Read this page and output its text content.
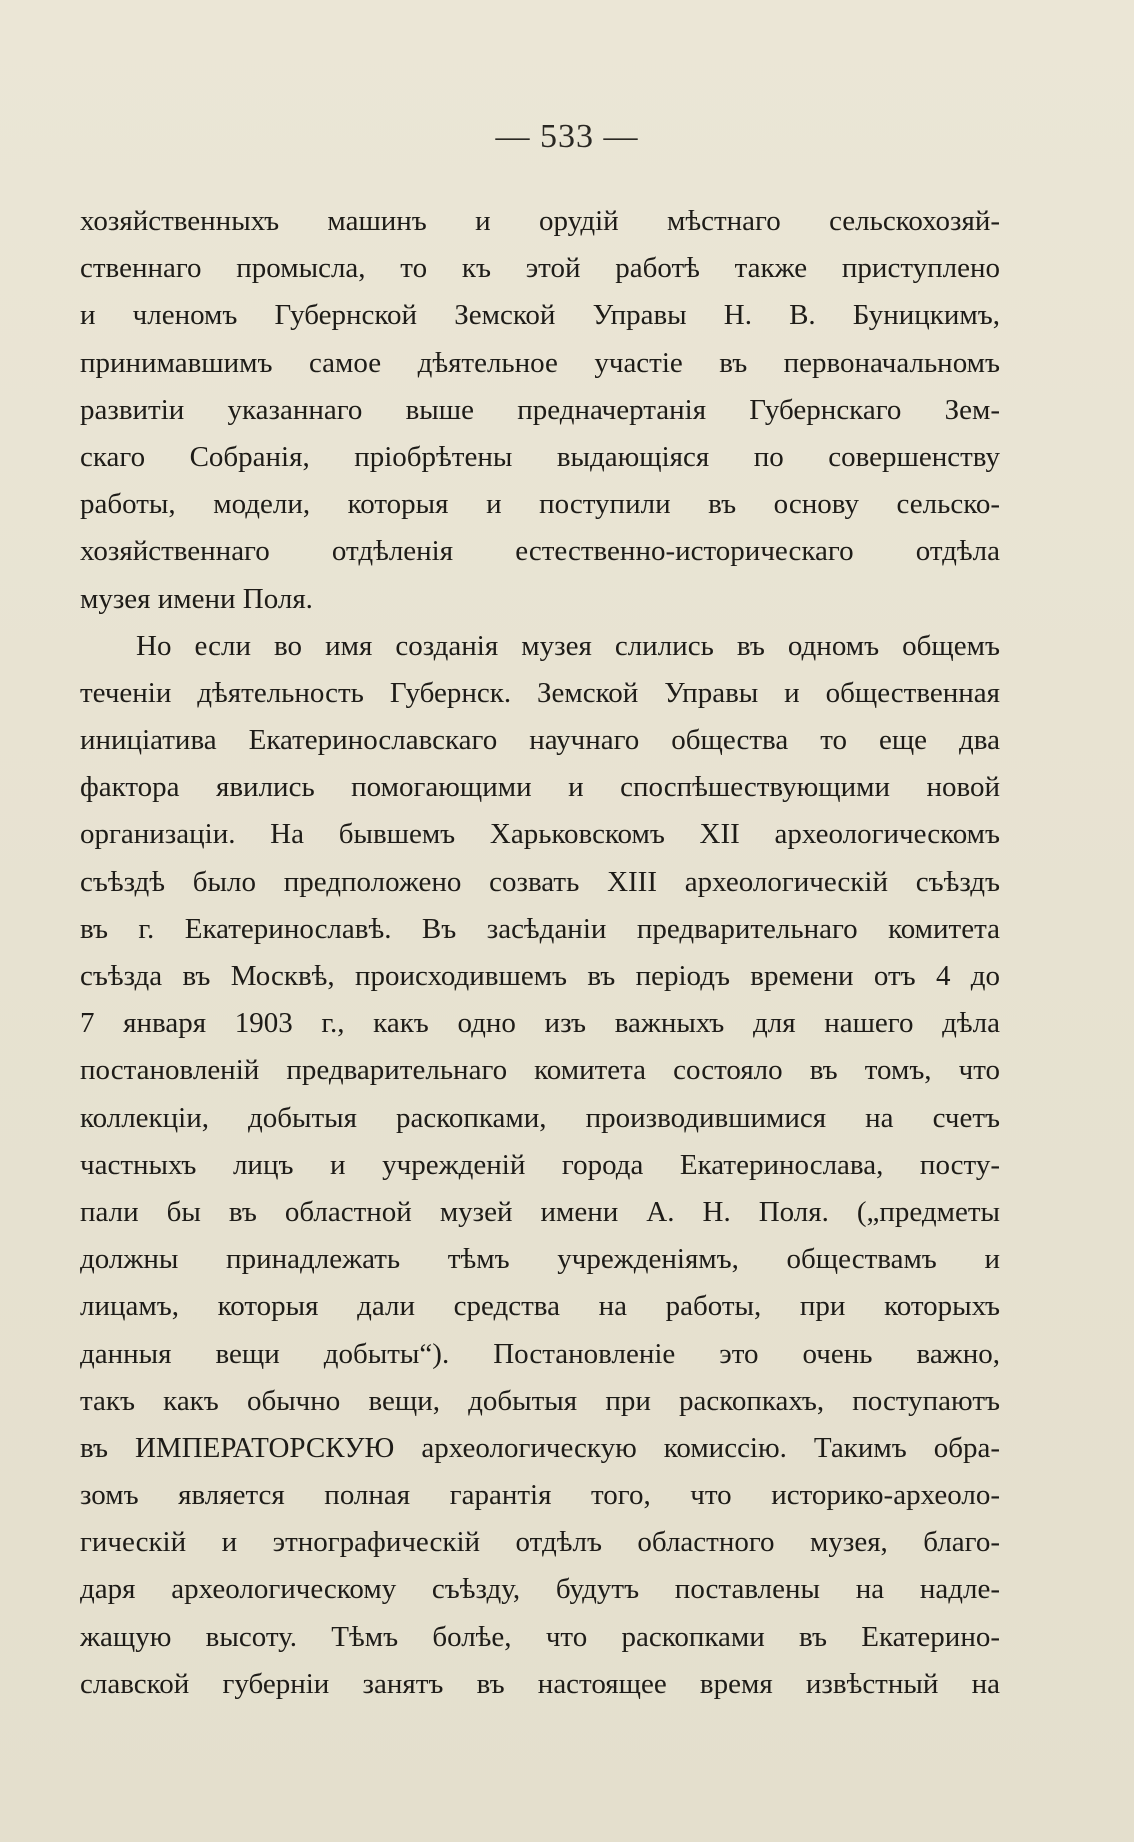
— 533 —
хозяйственныхъ машинъ и орудій мѣстнаго сельскохозяй-
ственнаго промысла, то къ этой работѣ также приступлено
и членомъ Губернской Земской Управы Н. В. Буницкимъ,
принимавшимъ самое дѣятельное участіе въ первоначальномъ
развитіи указаннаго выше предначертанія Губернскаго Зем-
скаго Собранія, пріобрѣтены выдающіяся по совершенству
работы, модели, которыя и поступили въ основу сельско-
хозяйственнаго отдѣленія естественно-историческаго отдѣла
музея имени Поля.
Но если во имя созданія музея слились въ одномъ общемъ
теченіи дѣятельность Губернск. Земской Управы и общественная
иниціатива Екатеринославскаго научнаго общества то еще два
фактора явились помогающими и споспѣшествующими новой
организаціи. На бывшемъ Харьковскомъ XII археологическомъ
съѣздѣ было предположено созвать XIII археологическій съѣздъ
въ г. Екатеринославѣ. Въ засѣданіи предварительнаго комитета
съѣзда въ Москвѣ, происходившемъ въ періодъ времени отъ 4 до
7 января 1903 г., какъ одно изъ важныхъ для нашего дѣла
постановленій предварительнаго комитета состояло въ томъ, что
коллекціи, добытыя раскопками, производившимися на счетъ
частныхъ лицъ и учрежденій города Екатеринослава, посту-
пали бы въ областной музей имени А. Н. Поля. („предметы
должны принадлежать тѣмъ учрежденіямъ, обществамъ и
лицамъ, которыя дали средства на работы, при которыхъ
данныя вещи добыты“). Постановленіе это очень важно,
такъ какъ обычно вещи, добытыя при раскопкахъ, поступаютъ
въ ИМПЕРАТОРСКУЮ археологическую комиссію. Такимъ обра-
зомъ является полная гарантія того, что историко-археоло-
гическій и этнографическій отдѣлъ областного музея, благо-
даря археологическому съѣзду, будутъ поставлены на надле-
жащую высоту. Тѣмъ болѣе, что раскопками въ Екатерино-
славской губерніи занятъ въ настоящее время извѣстный на
